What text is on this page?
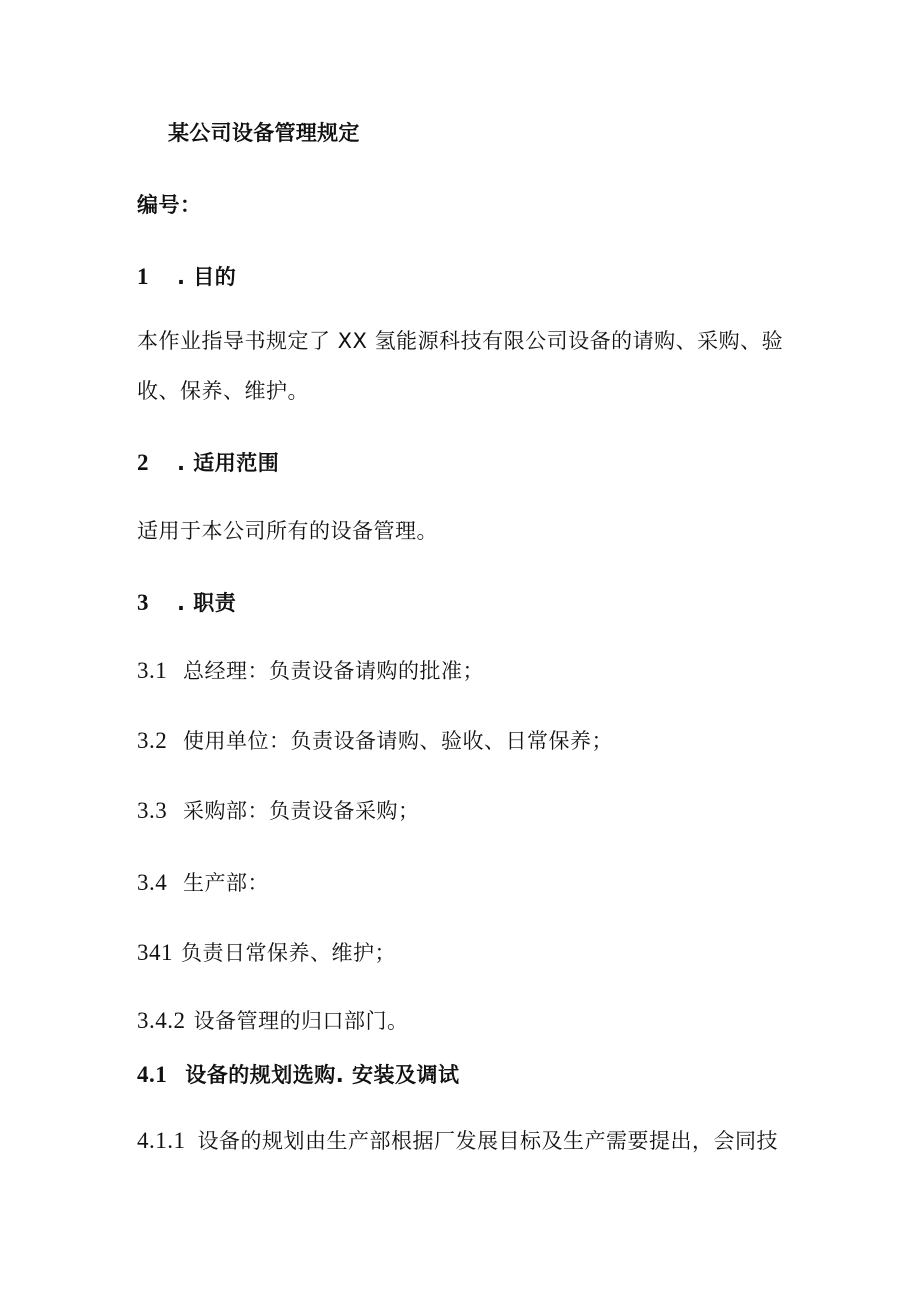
某公司设备管理规定
编号：
1 . 目的
本作业指导书规定了 XX 氢能源科技有限公司设备的请购、采购、验
收、保养、维护。
2 . 适用范围
适用于本公司所有的设备管理。
3 . 职责
3.1 总经理：负责设备请购的批准；
3.2 使用单位：负责设备请购、验收、日常保养；
3.3 采购部：负责设备采购；
3.4 生产部：
341 负责日常保养、维护；
3.4.2 设备管理的归口部门。
4.1 设备的规划选购. 安装及调试
4.1.1 设备的规划由生产部根据厂发展目标及生产需要提出，会同技
